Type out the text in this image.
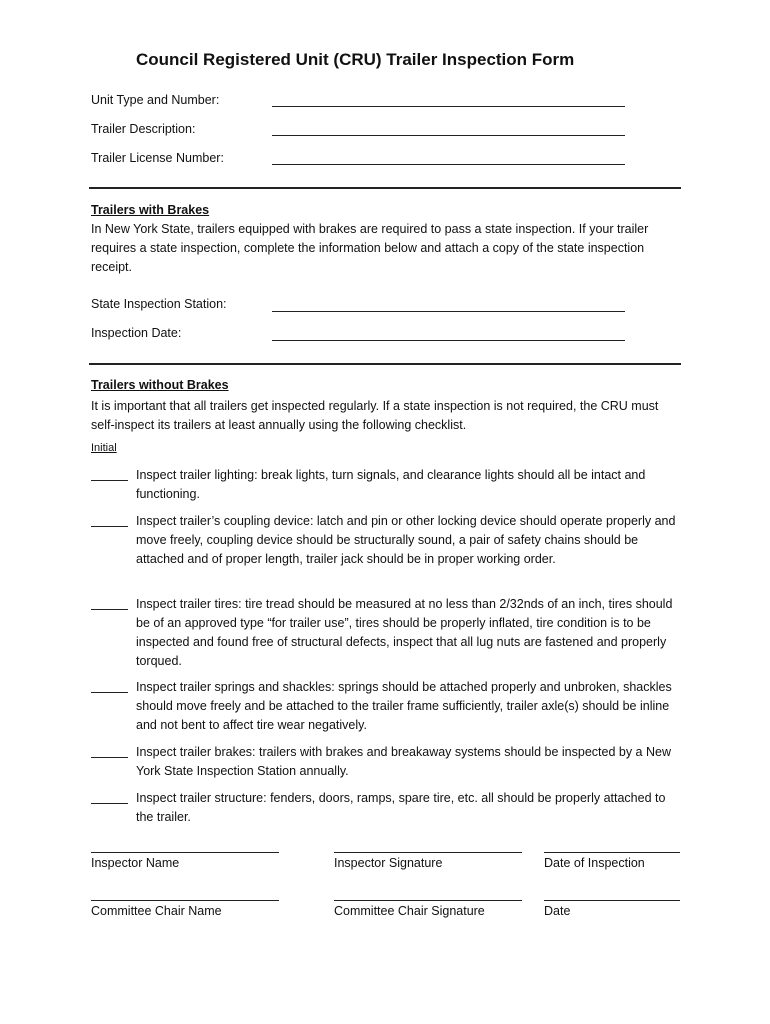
Council Registered Unit (CRU) Trailer Inspection Form
Unit Type and Number:
Trailer Description:
Trailer License Number:
Trailers with Brakes
In New York State, trailers equipped with brakes are required to pass a state inspection. If your trailer requires a state inspection, complete the information below and attach a copy of the state inspection receipt.
State Inspection Station:
Inspection Date:
Trailers without Brakes
It is important that all trailers get inspected regularly. If a state inspection is not required, the CRU must self-inspect its trailers at least annually using the following checklist.
Initial
Inspect trailer lighting: break lights, turn signals, and clearance lights should all be intact and functioning.
Inspect trailer’s coupling device: latch and pin or other locking device should operate properly and move freely, coupling device should be structurally sound, a pair of safety chains should be attached and of proper length, trailer jack should be in proper working order.
Inspect trailer tires: tire tread should be measured at no less than 2/32nds of an inch, tires should be of an approved type “for trailer use”, tires should be properly inflated, tire condition is to be inspected and found free of structural defects, inspect that all lug nuts are fastened and properly torqued.
Inspect trailer springs and shackles: springs should be attached properly and unbroken, shackles should move freely and be attached to the trailer frame sufficiently, trailer axle(s) should be inline and not bent to affect tire wear negatively.
Inspect trailer brakes: trailers with brakes and breakaway systems should be inspected by a New York State Inspection Station annually.
Inspect trailer structure: fenders, doors, ramps, spare tire, etc. all should be properly attached to the trailer.
Inspector Name	Inspector Signature	Date of Inspection
Committee Chair Name	Committee Chair Signature	Date
